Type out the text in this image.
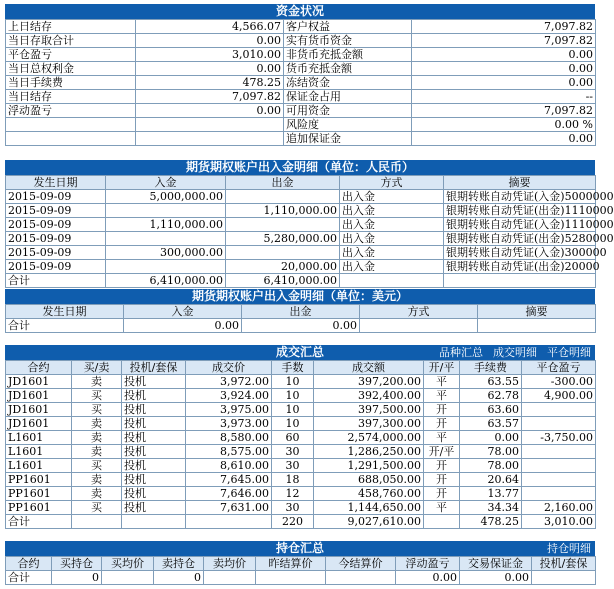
资金状况
上日结存	4,566.07	客户权益	7,097.82
当日存取合计	0.00	实有货币资金	7,097.82
平仓盈亏	3,010.00	非货币充抵金额	0.00
当日总权利金	0.00	货币充抵金额	0.00
当日手续费	478.25	冻结资金	0.00
当日结存	7,097.82	保证金占用	--
浮动盈亏	0.00	可用资金	7,097.82
		风险度	0.00 %
		追加保证金	0.00
期货期权账户出入金明细（单位：人民币）
发生日期	入金	出金	方式	摘要
2015-09-09	5,000,000.00		出入金	银期转账自动凭证(入金)5000000
2015-09-09		1,110,000.00	出入金	银期转账自动凭证(出金)1110000
2015-09-09	1,110,000.00		出入金	银期转账自动凭证(入金)1110000
2015-09-09		5,280,000.00	出入金	银期转账自动凭证(出金)5280000
2015-09-09	300,000.00		出入金	银期转账自动凭证(入金)300000
2015-09-09		20,000.00	出入金	银期转账自动凭证(出金)20000
合计	6,410,000.00	6,410,000.00		
期货期权账户出入金明细（单位：美元）
发生日期	入金	出金	方式	摘要
合计	0.00	0.00		
成交汇总	品种汇总 成交明细 平仓明细
合约	买/卖	投机/套保	成交价	手数	成交额	开/平	手续费	平仓盈亏
JD1601	卖	投机	3,972.00	10	397,200.00	平	63.55	-300.00
JD1601	买	投机	3,924.00	10	392,400.00	平	62.78	4,900.00
JD1601	买	投机	3,975.00	10	397,500.00	开	63.60	
JD1601	卖	投机	3,973.00	10	397,300.00	开	63.57	
L1601	卖	投机	8,580.00	60	2,574,000.00	平	0.00	-3,750.00
L1601	卖	投机	8,575.00	30	1,286,250.00	开/平	78.00	
L1601	买	投机	8,610.00	30	1,291,500.00	开	78.00	
PP1601	卖	投机	7,645.00	18	688,050.00	开	20.64	
PP1601	卖	投机	7,646.00	12	458,760.00	开	13.77	
PP1601	买	投机	7,631.00	30	1,144,650.00	平	34.34	2,160.00
合计				220	9,027,610.00		478.25	3,010.00
持仓汇总	持仓明细
合约	买持仓	买均价	卖持仓	卖均价	昨结算价	今结算价	浮动盈亏	交易保证金	投机/套保
合计	0		0				0.00	0.00	
